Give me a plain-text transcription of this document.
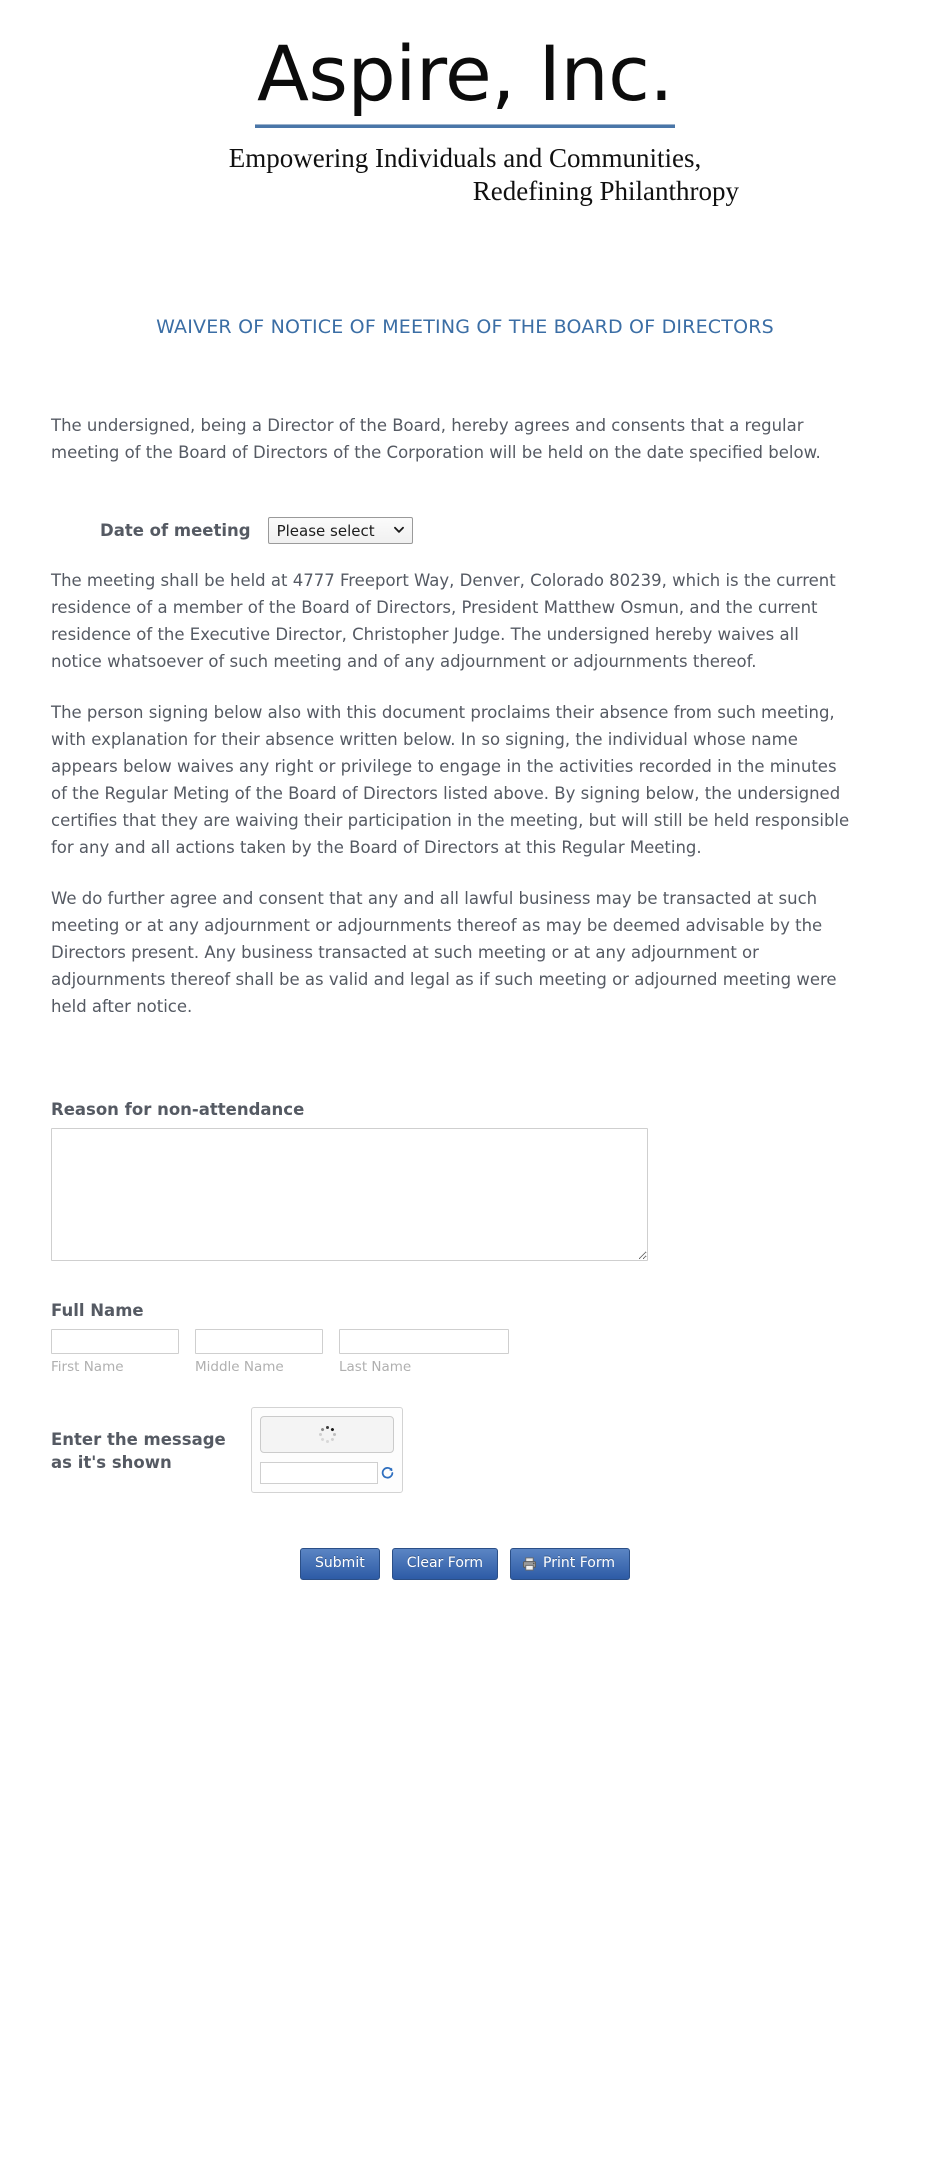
Aspire, Inc.
Empowering Individuals and Communities,
Redefining Philanthropy
WAIVER OF NOTICE OF MEETING OF THE BOARD OF DIRECTORS

The undersigned, being a Director of the Board, hereby agrees and consents that a regular meeting of the Board of Directors of the Corporation will be held on the date specified below.

Date of meeting
Please select

The meeting shall be held at 4777 Freeport Way, Denver, Colorado 80239, which is the current residence of a member of the Board of Directors, President Matthew Osmun, and the current residence of the Executive Director, Christopher Judge. The undersigned hereby waives all notice whatsoever of such meeting and of any adjournment or adjournments thereof.

The person signing below also with this document proclaims their absence from such meeting, with explanation for their absence written below. In so signing, the individual whose name appears below waives any right or privilege to engage in the activities recorded in the minutes of the Regular Meting of the Board of Directors listed above. By signing below, the undersigned certifies that they are waiving their participation in the meeting, but will still be held responsible for any and all actions taken by the Board of Directors at this Regular Meeting.

We do further agree and consent that any and all lawful business may be transacted at such meeting or at any adjournment or adjournments thereof as may be deemed advisable by the Directors present. Any business transacted at such meeting or at any adjournment or adjournments thereof shall be as valid and legal as if such meeting or adjourned meeting were held after notice.

Reason for non-attendance
Full Name
First Name	Middle Name	Last Name
Enter the message as it's shown
Submit	Clear Form	Print Form
